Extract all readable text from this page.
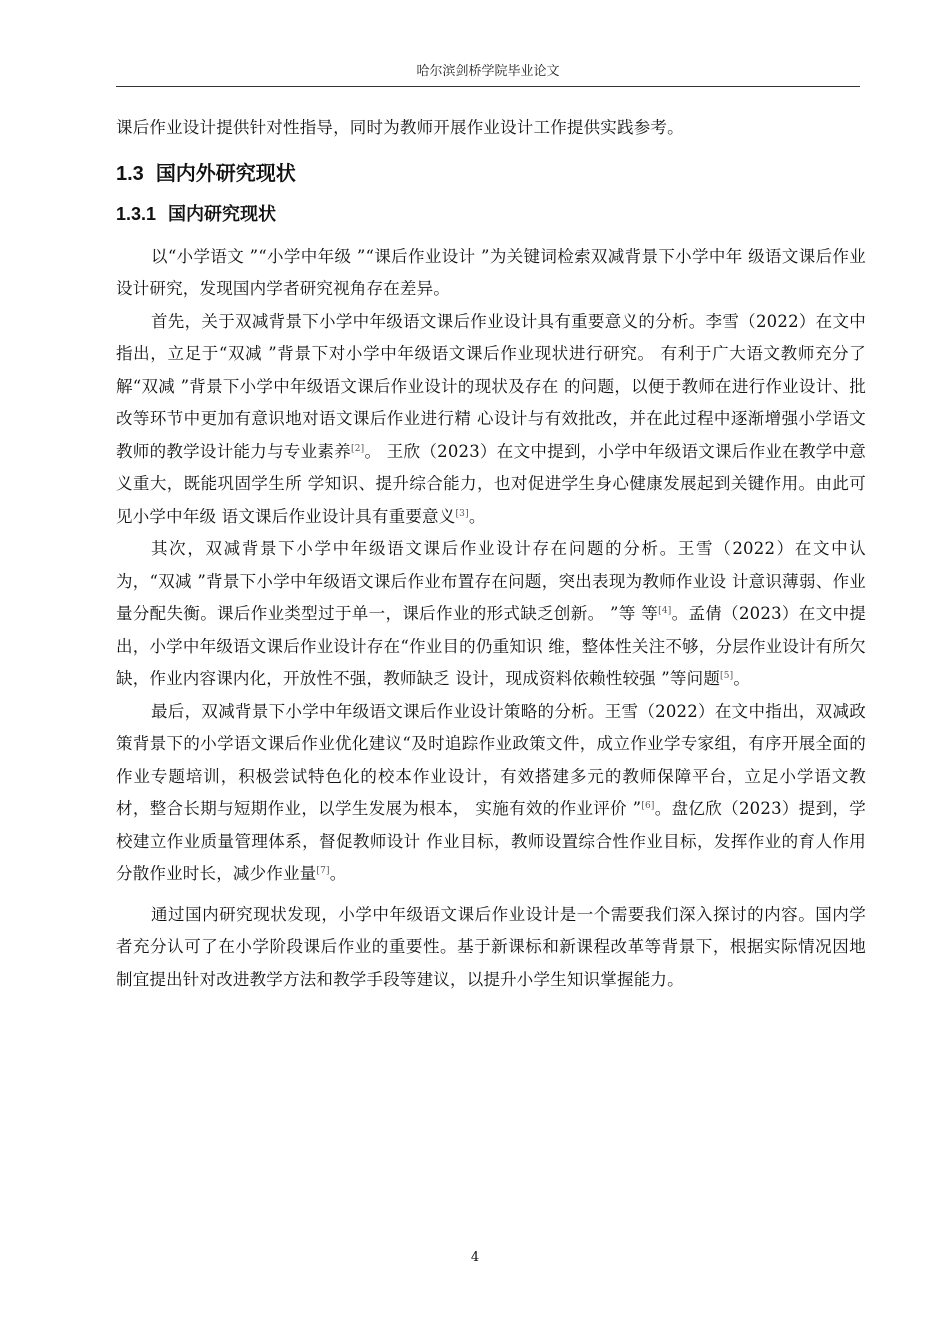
哈尔滨剑桥学院毕业论文

课后作业设计提供针对性指导，同时为教师开展作业设计工作提供实践参考。

1.3 国内外研究现状
1.3.1 国内研究现状

以“小学语文 ”“小学中年级 ”“课后作业设计 ”为关键词检索双减背景下小学中年 级语文课后作业设计研究，发现国内学者研究视角存在差异。

首先，关于双减背景下小学中年级语文课后作业设计具有重要意义的分析。李雪（2022）在文中指出，立足于“双减 ”背景下对小学中年级语文课后作业现状进行研究。 有利于广大语文教师充分了解“双减 ”背景下小学中年级语文课后作业设计的现状及存在 的问题，以便于教师在进行作业设计、批改等环节中更加有意识地对语文课后作业进行精 心设计与有效批改，并在此过程中逐渐增强小学语文教师的教学设计能力与专业素养[2]。 王欣（2023）在文中提到，小学中年级语文课后作业在教学中意义重大，既能巩固学生所 学知识、提升综合能力，也对促进学生身心健康发展起到关键作用。由此可见小学中年级 语文课后作业设计具有重要意义[3]。

其次，双减背景下小学中年级语文课后作业设计存在问题的分析。王雪（2022）在文中认为，“双减 ”背景下小学中年级语文课后作业布置存在问题，突出表现为教师作业设 计意识薄弱、作业量分配失衡。课后作业类型过于单一，课后作业的形式缺乏创新。 ”等 等[4]。孟倩（2023）在文中提出，小学中年级语文课后作业设计存在“作业目的仍重知识 维，整体性关注不够，分层作业设计有所欠缺，作业内容课内化，开放性不强，教师缺乏 设计，现成资料依赖性较强 ”等问题[5]。

最后，双减背景下小学中年级语文课后作业设计策略的分析。王雪（2022）在文中指出，双减政策背景下的小学语文课后作业优化建议“及时追踪作业政策文件，成立作业学专家组，有序开展全面的作业专题培训，积极尝试特色化的校本作业设计，有效搭建多元的教师保障平台，立足小学语文教材，整合长期与短期作业，以学生发展为根本， 实施有效的作业评价 ”[6]。盘亿欣（2023）提到，学校建立作业质量管理体系，督促教师设计 作业目标，教师设置综合性作业目标，发挥作业的育人作用分散作业时长，减少作业量[7]。

通过国内研究现状发现，小学中年级语文课后作业设计是一个需要我们深入探讨的内容。国内学者充分认可了在小学阶段课后作业的重要性。基于新课标和新课程改革等背景下，根据实际情况因地制宜提出针对改进教学方法和教学手段等建议，以提升小学生知识掌握能力。

4
